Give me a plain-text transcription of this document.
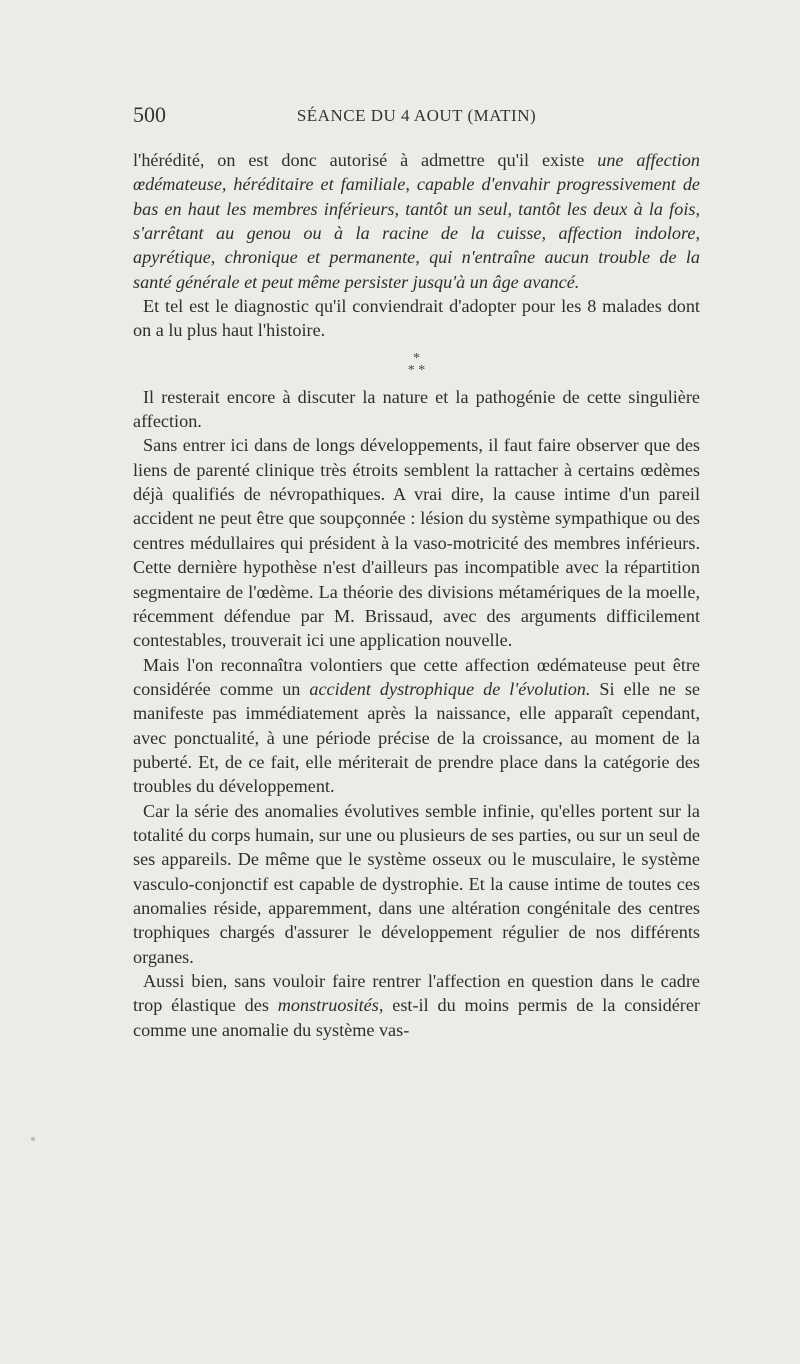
500	SÉANCE DU 4 AOUT (MATIN)

l'hérédité, on est donc autorisé à admettre qu'il existe une affection œdémateuse, héréditaire et familiale, capable d'envahir progressivement de bas en haut les membres inférieurs, tantôt un seul, tantôt les deux à la fois, s'arrêtant au genou ou à la racine de la cuisse, affection indolore, apyrétique, chronique et permanente, qui n'entraîne aucun trouble de la santé générale et peut même persister jusqu'à un âge avancé.

Et tel est le diagnostic qu'il conviendrait d'adopter pour les 8 malades dont on a lu plus haut l'histoire.

*
* *

Il resterait encore à discuter la nature et la pathogénie de cette singulière affection.

Sans entrer ici dans de longs développements, il faut faire observer que des liens de parenté clinique très étroits semblent la rattacher à certains œdèmes déjà qualifiés de névropathiques. A vrai dire, la cause intime d'un pareil accident ne peut être que soupçonnée : lésion du système sympathique ou des centres médullaires qui président à la vaso-motricité des membres inférieurs. Cette dernière hypothèse n'est d'ailleurs pas incompatible avec la répartition segmentaire de l'œdème. La théorie des divisions métamériques de la moelle, récemment défendue par M. Brissaud, avec des arguments difficilement contestables, trouverait ici une application nouvelle.

Mais l'on reconnaîtra volontiers que cette affection œdémateuse peut être considérée comme un accident dystrophique de l'évolution. Si elle ne se manifeste pas immédiatement après la naissance, elle apparaît cependant, avec ponctualité, à une période précise de la croissance, au moment de la puberté. Et, de ce fait, elle mériterait de prendre place dans la catégorie des troubles du développement.

Car la série des anomalies évolutives semble infinie, qu'elles portent sur la totalité du corps humain, sur une ou plusieurs de ses parties, ou sur un seul de ses appareils. De même que le système osseux ou le musculaire, le système vasculo-conjonctif est capable de dystrophie. Et la cause intime de toutes ces anomalies réside, apparemment, dans une altération congénitale des centres trophiques chargés d'assurer le développement régulier de nos différents organes.

Aussi bien, sans vouloir faire rentrer l'affection en question dans le cadre trop élastique des monstruosités, est-il du moins permis de la considérer comme une anomalie du système vas-
